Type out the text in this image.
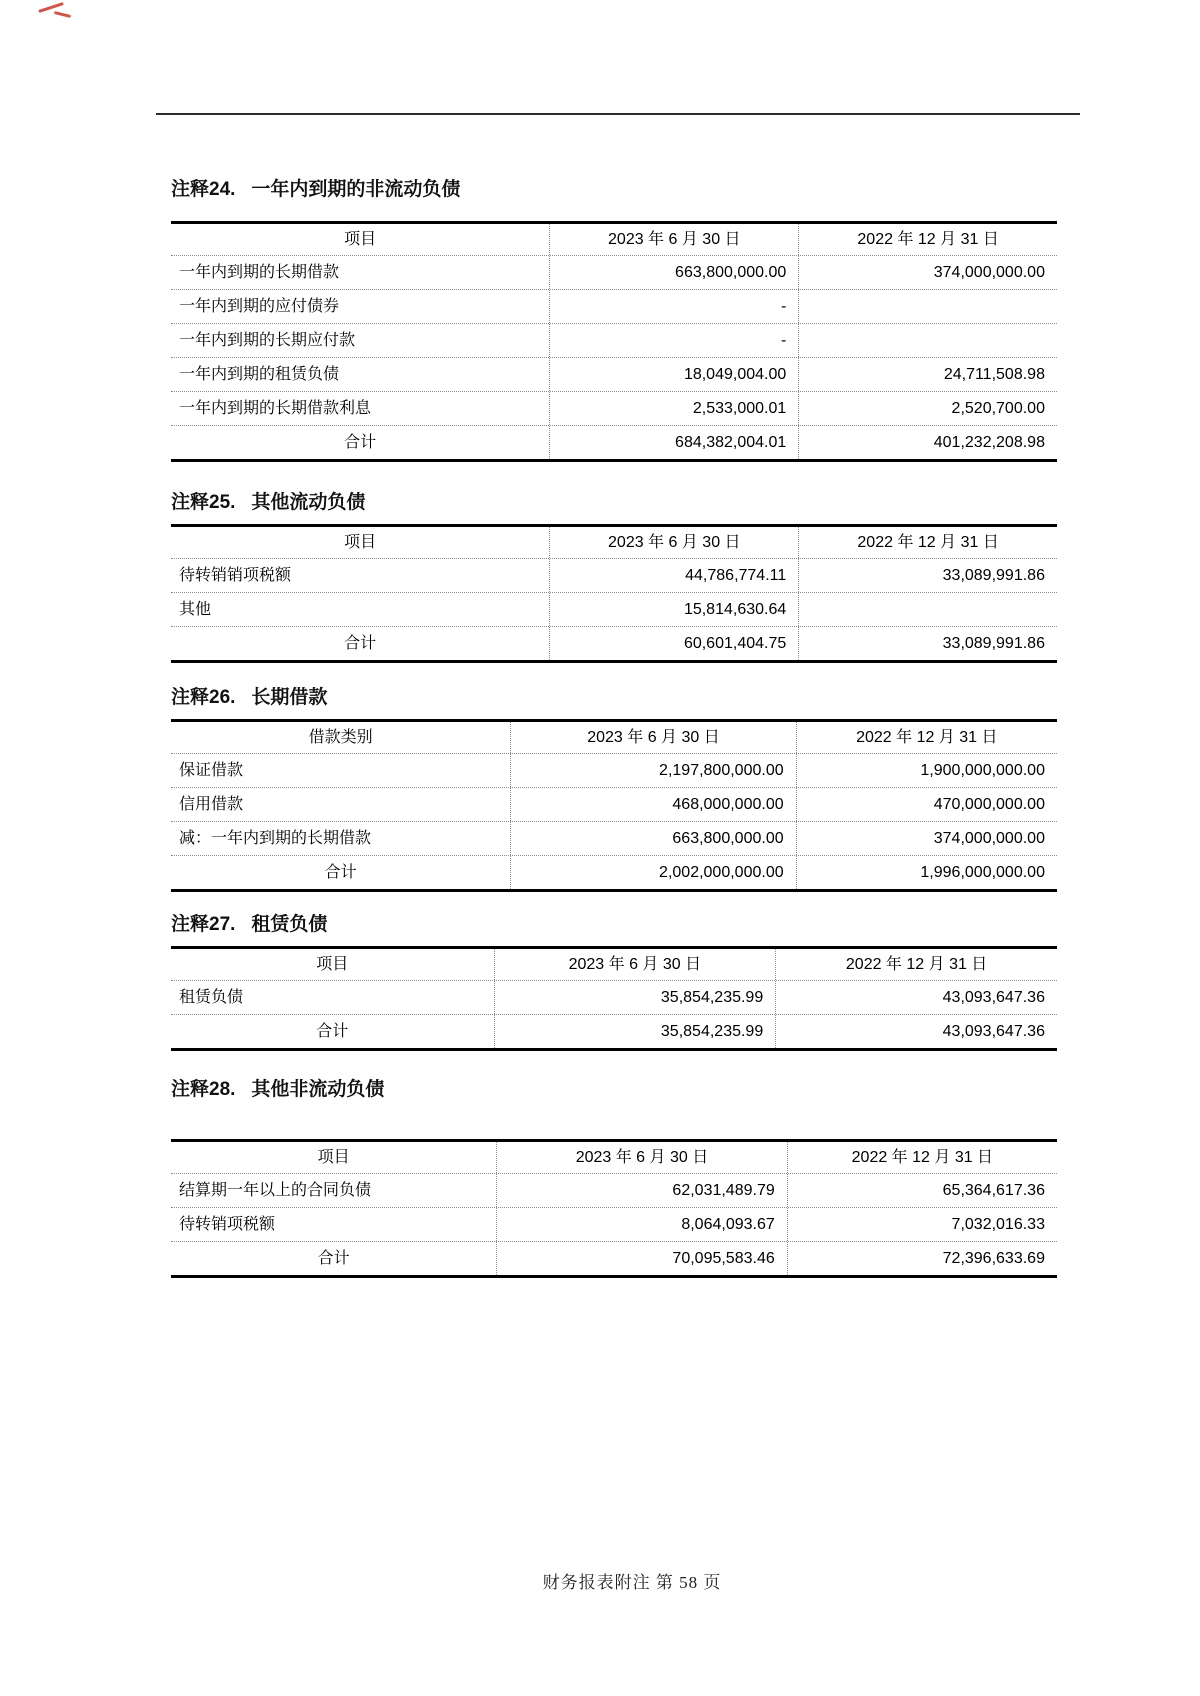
注释24. 一年内到期的非流动负债
项目	2023 年 6 月 30 日	2022 年 12 月 31 日
一年内到期的长期借款	663,800,000.00	374,000,000.00
一年内到期的应付债券	-
一年内到期的长期应付款	-
一年内到期的租赁负债	18,049,004.00	24,711,508.98
一年内到期的长期借款利息	2,533,000.01	2,520,700.00
合计	684,382,004.01	401,232,208.98
注释25. 其他流动负债
项目	2023 年 6 月 30 日	2022 年 12 月 31 日
待转销销项税额	44,786,774.11	33,089,991.86
其他	15,814,630.64
合计	60,601,404.75	33,089,991.86
注释26. 长期借款
借款类别	2023 年 6 月 30 日	2022 年 12 月 31 日
保证借款	2,197,800,000.00	1,900,000,000.00
信用借款	468,000,000.00	470,000,000.00
减：一年内到期的长期借款	663,800,000.00	374,000,000.00
合计	2,002,000,000.00	1,996,000,000.00
注释27. 租赁负债
项目	2023 年 6 月 30 日	2022 年 12 月 31 日
租赁负债	35,854,235.99	43,093,647.36
合计	35,854,235.99	43,093,647.36
注释28. 其他非流动负债
项目	2023 年 6 月 30 日	2022 年 12 月 31 日
结算期一年以上的合同负债	62,031,489.79	65,364,617.36
待转销项税额	8,064,093.67	7,032,016.33
合计	70,095,583.46	72,396,633.69
财务报表附注 第 58 页
